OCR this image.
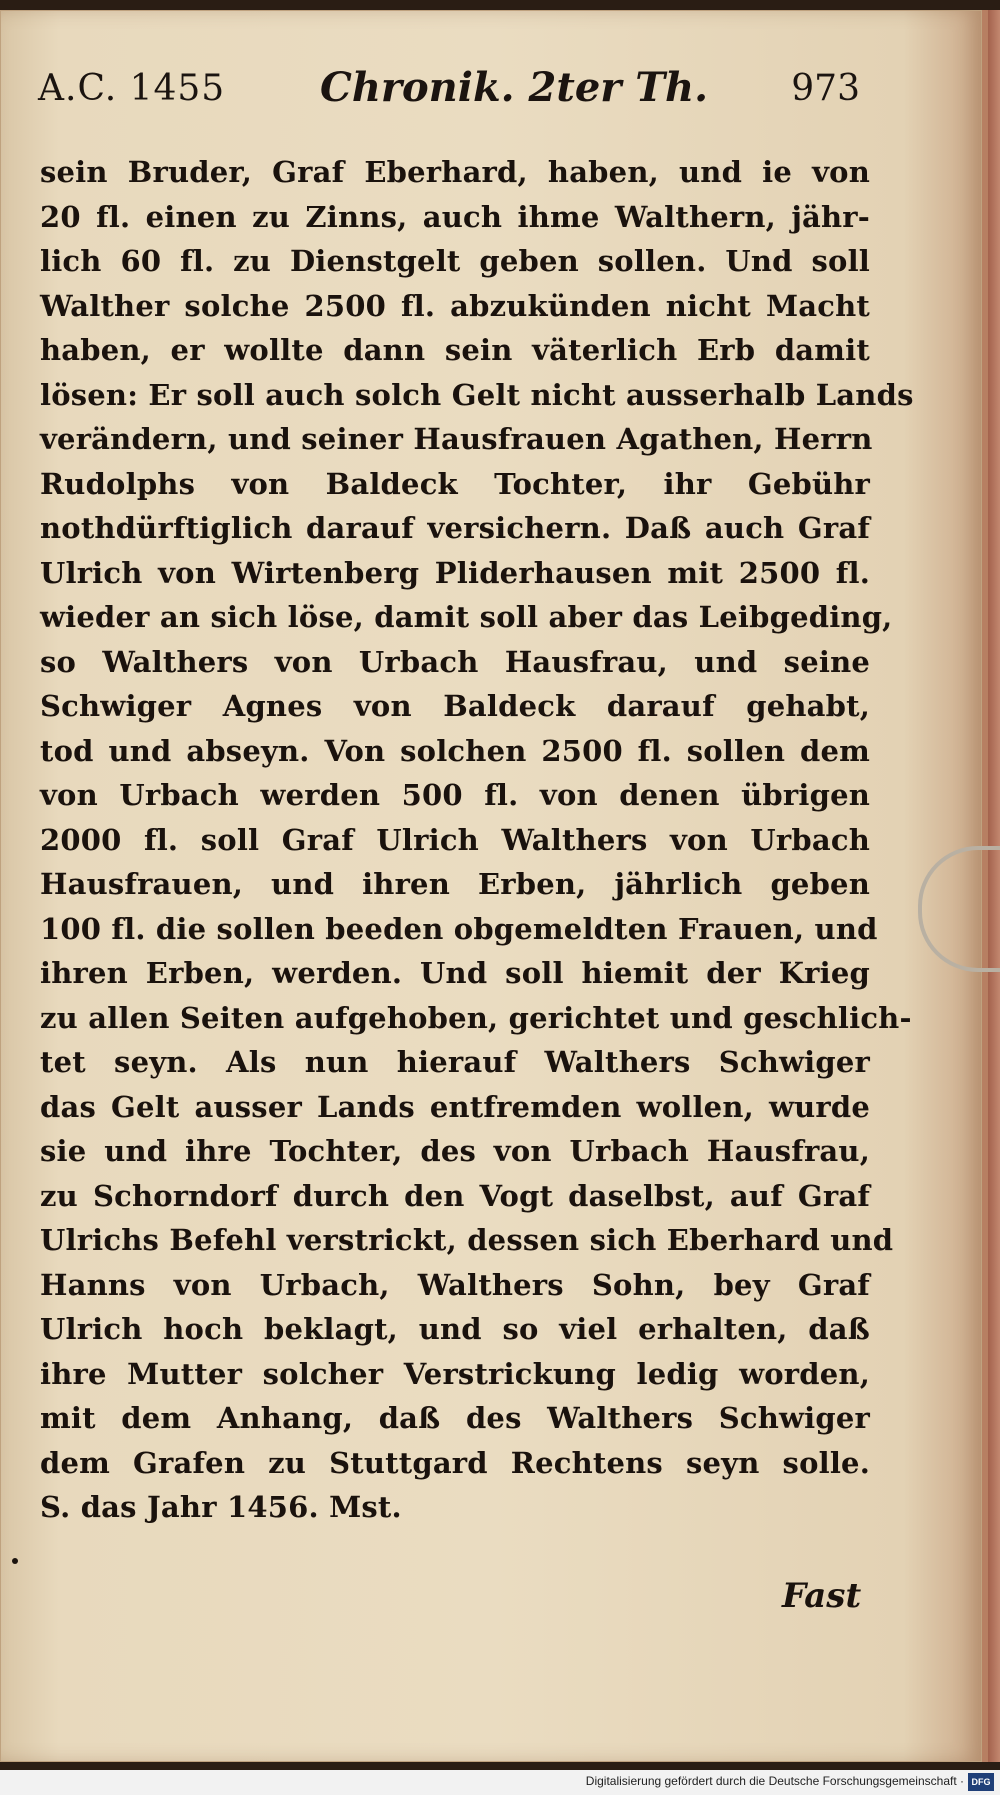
A.C. 1455 Chronik. 2ter Th. 973
sein Bruder, Graf Eberhard, haben, und ie von
20 fl. einen zu Zinns, auch ihme Walthern, jähr-
lich 60 fl. zu Dienstgelt geben sollen. Und soll
Walther solche 2500 fl. abzukünden nicht Macht
haben, er wollte dann sein väterlich Erb damit
lösen: Er soll auch solch Gelt nicht ausserhalb Lands
verändern, und seiner Hausfrauen Agathen, Herrn
Rudolphs von Baldeck Tochter, ihr Gebühr
nothdürftiglich darauf versichern. Daß auch Graf
Ulrich von Wirtenberg Pliderhausen mit 2500 fl.
wieder an sich löse, damit soll aber das Leibgeding,
so Walthers von Urbach Hausfrau, und seine
Schwiger Agnes von Baldeck darauf gehabt,
tod und abseyn. Von solchen 2500 fl. sollen dem
von Urbach werden 500 fl. von denen übrigen
2000 fl. soll Graf Ulrich Walthers von Urbach
Hausfrauen, und ihren Erben, jährlich geben
100 fl. die sollen beeden obgemeldten Frauen, und
ihren Erben, werden. Und soll hiemit der Krieg
zu allen Seiten aufgehoben, gerichtet und geschlich-
tet seyn. Als nun hierauf Walthers Schwiger
das Gelt ausser Lands entfremden wollen, wurde
sie und ihre Tochter, des von Urbach Hausfrau,
zu Schorndorf durch den Vogt daselbst, auf Graf
Ulrichs Befehl verstrickt, dessen sich Eberhard und
Hanns von Urbach, Walthers Sohn, bey Graf
Ulrich hoch beklagt, und so viel erhalten, daß
ihre Mutter solcher Verstrickung ledig worden,
mit dem Anhang, daß des Walthers Schwiger
dem Grafen zu Stuttgard Rechtens seyn solle.
S. das Jahr 1456. Mst.
Fast
Digitalisierung gefördert durch die Deutsche Forschungsgemeinschaft · DFG
